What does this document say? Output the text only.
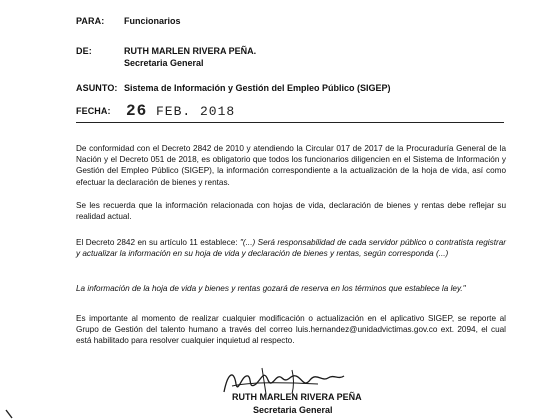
PARA: Funcionarios
DE:	RUTH MARLEN RIVERA PEÑA.
Secretaria General
ASUNTO: Sistema de Información y Gestión del Empleo Público (SIGEP)
FECHA: 26 FEB. 2018
De conformidad con el Decreto 2842 de 2010 y atendiendo la Circular 017 de 2017 de la Procuraduría General de la Nación y el Decreto 051 de 2018, es obligatorio que todos los funcionarios diligencien en el Sistema de Información y Gestión del Empleo Público (SIGEP), la información correspondiente a la actualización de la hoja de vida, así como efectuar la declaración de bienes y rentas.
Se les recuerda que la información relacionada con hojas de vida, declaración de bienes y rentas debe reflejar su realidad actual.
El Decreto 2842 en su artículo 11 establece: "(...) Será responsabilidad de cada servidor público o contratista registrar y actualizar la información en su hoja de vida y declaración de bienes y rentas, según corresponda (...)
La información de la hoja de vida y bienes y rentas gozará de reserva en los términos que establece la ley."
Es importante al momento de realizar cualquier modificación o actualización en el aplicativo SIGEP, se reporte al Grupo de Gestión del talento humano a través del correo luis.hernandez@unidadvictimas.gov.co ext. 2094, el cual está habilitado para resolver cualquier inquietud al respecto.
RUTH MARLEN RIVERA PEÑA
Secretaria General
